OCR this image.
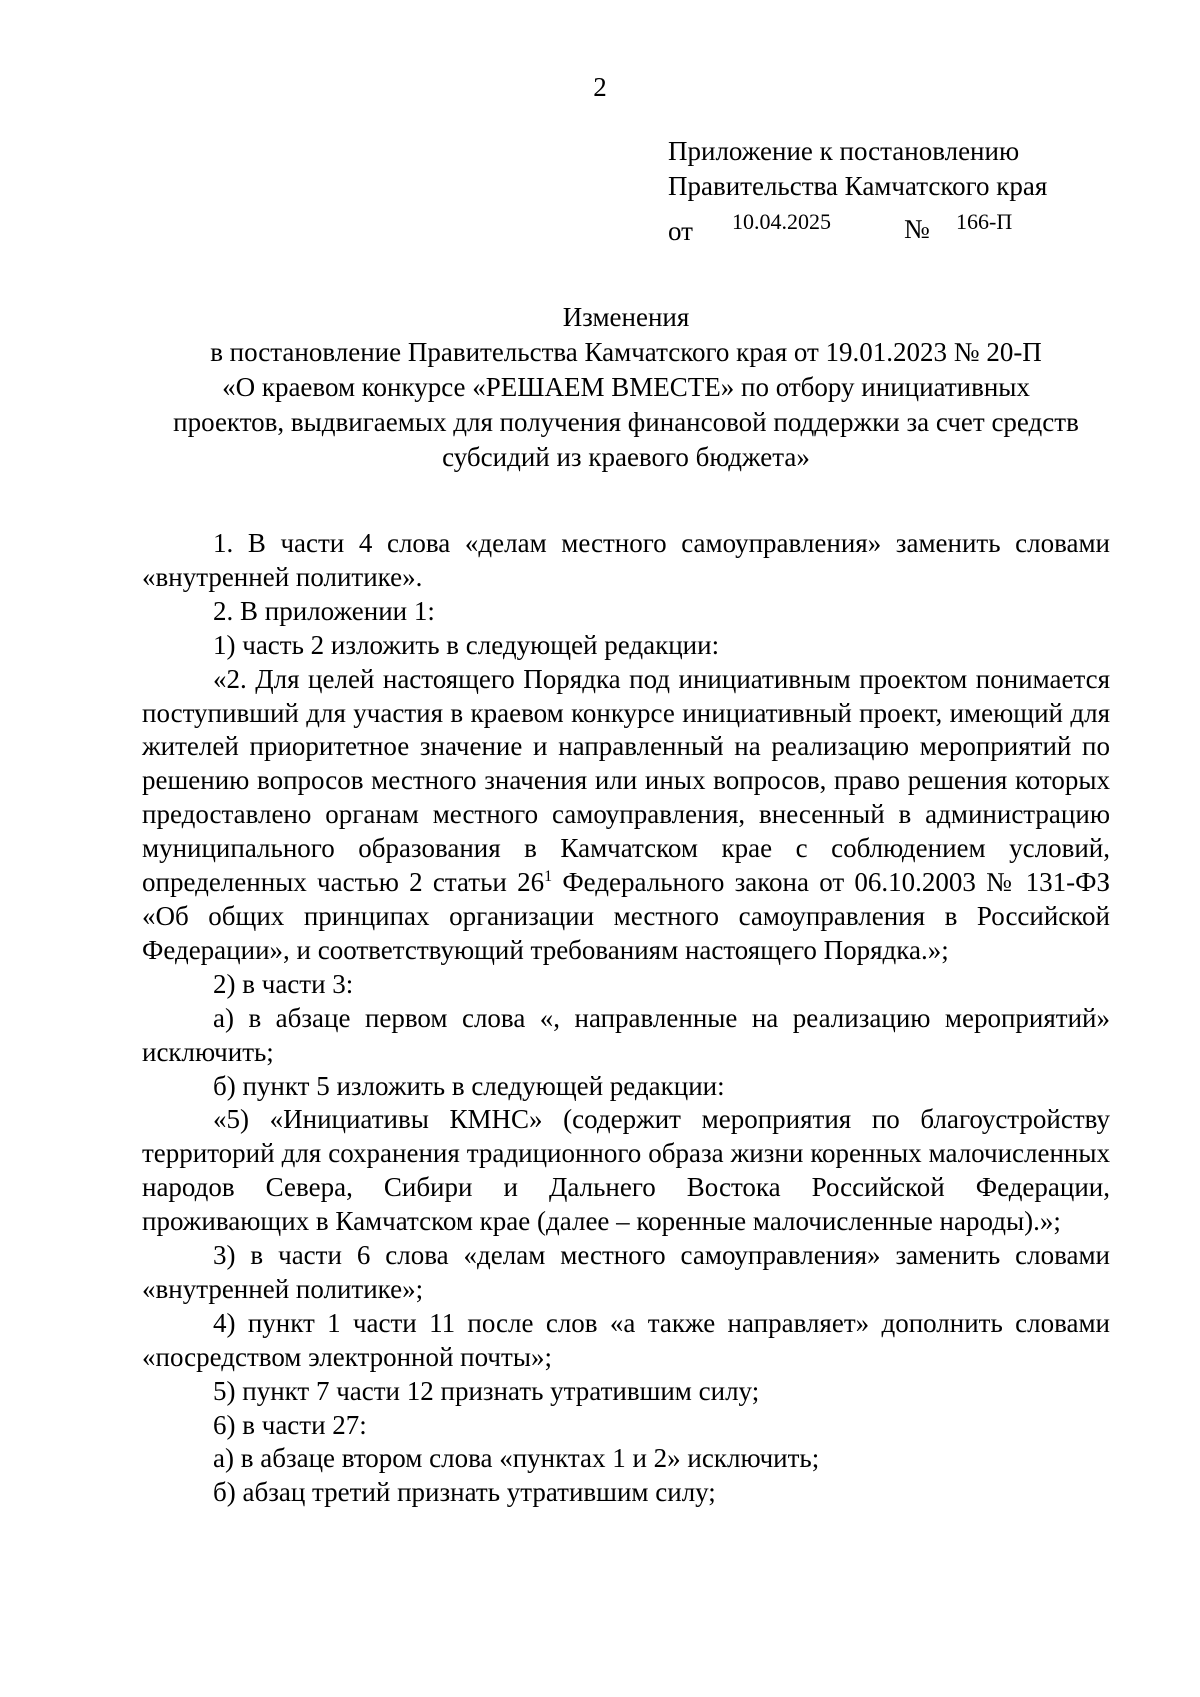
2
Приложение к постановлению
Правительства Камчатского края
от 10.04.2025	№ 166-П
Изменения
в постановление Правительства Камчатского края от 19.01.2023 № 20-П
«О краевом конкурсе «РЕШАЕМ ВМЕСТЕ» по отбору инициативных
проектов, выдвигаемых для получения финансовой поддержки за счет средств
субсидий из краевого бюджета»

1. В части 4 слова «делам местного самоуправления» заменить словами «внутренней политике».

2. В приложении 1:

1) часть 2 изложить в следующей редакции:

«2. Для целей настоящего Порядка под инициативным проектом понимается поступивший для участия в краевом конкурсе инициативный проект, имеющий для жителей приоритетное значение и направленный на реализацию мероприятий по решению вопросов местного значения или иных вопросов, право решения которых предоставлено органам местного самоуправления, внесенный в администрацию муниципального образования в Камчатском крае с соблюдением условий, определенных частью 2 статьи $26^1$ Федерального закона от 06.10.2003 № 131-ФЗ «Об общих принципах организации местного самоуправления в Российской Федерации», и соответствующий требованиям настоящего Порядка.»;

2) в части 3:

а) в абзаце первом слова «, направленные на реализацию мероприятий» исключить;

б) пункт 5 изложить в следующей редакции:

«5) «Инициативы КМНС» (содержит мероприятия по благоустройству территорий для сохранения традиционного образа жизни коренных малочисленных народов Севера, Сибири и Дальнего Востока Российской Федерации, проживающих в Камчатском крае (далее – коренные малочисленные народы).»;

3) в части 6 слова «делам местного самоуправления» заменить словами «внутренней политике»;

4) пункт 1 части 11 после слов «а также направляет» дополнить словами «посредством электронной почты»;

5) пункт 7 части 12 признать утратившим силу;

6) в части 27:

а) в абзаце втором слова «пунктах 1 и 2» исключить;

б) абзац третий признать утратившим силу;
